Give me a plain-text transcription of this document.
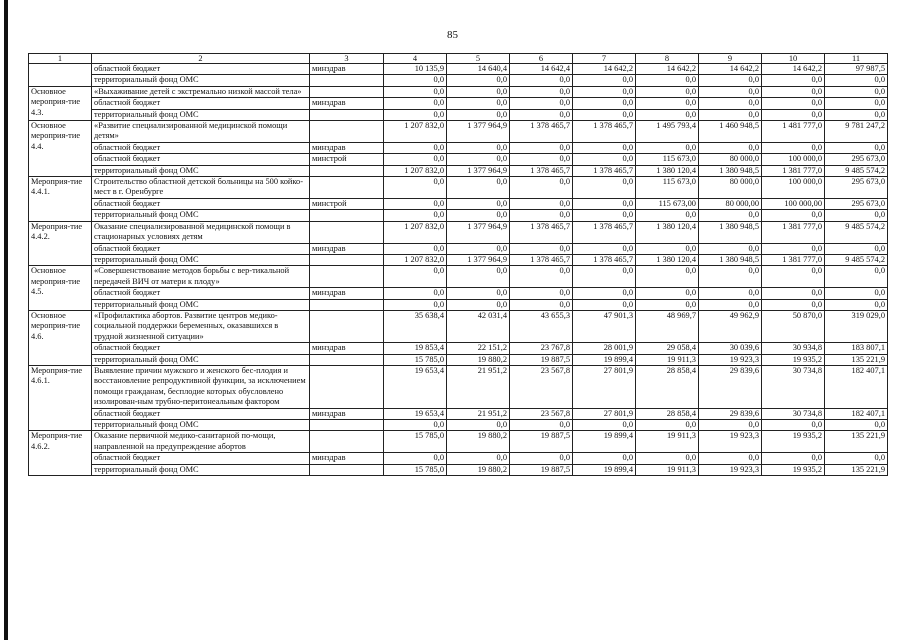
85
1	2	3	4	5	6	7	8	9	10	11
	областной бюджет	минздрав	10 135,9	14 640,4	14 642,4	14 642,2	14 642,2	14 642,2	14 642,2	97 987,5
	территориальный фонд ОМС		0,0	0,0	0,0	0,0	0,0	0,0	0,0	0,0
Основное мероприя-тие 4.3.	«Выхаживание детей с экстремально низкой массой тела»		0,0	0,0	0,0	0,0	0,0	0,0	0,0	0,0
	областной бюджет	минздрав	0,0	0,0	0,0	0,0	0,0	0,0	0,0	0,0
	территориальный фонд ОМС		0,0	0,0	0,0	0,0	0,0	0,0	0,0	0,0
Основное мероприя-тие 4.4.	«Развитие специализированной медицинской помощи детям»		1 207 832,0	1 377 964,9	1 378 465,7	1 378 465,7	1 495 793,4	1 460 948,5	1 481 777,0	9 781 247,2
	областной бюджет	минздрав	0,0	0,0	0,0	0,0	0,0	0,0	0,0	0,0
	областной бюджет	минстрой	0,0	0,0	0,0	0,0	115 673,0	80 000,0	100 000,0	295 673,0
	территориальный фонд ОМС		1 207 832,0	1 377 964,9	1 378 465,7	1 378 465,7	1 380 120,4	1 380 948,5	1 381 777,0	9 485 574,2
Мероприя-тие 4.4.1.	Строительство областной детской больницы на 500 койко-мест в г. Оренбурге		0,0	0,0	0,0	0,0	115 673,0	80 000,0	100 000,0	295 673,0
	областной бюджет	минстрой	0,0	0,0	0,0	0,0	115 673,00	80 000,00	100 000,00	295 673,0
	территориальный фонд ОМС		0,0	0,0	0,0	0,0	0,0	0,0	0,0	0,0
Мероприя-тие 4.4.2.	Оказание специализированной медицинской помощи в стационарных условиях детям		1 207 832,0	1 377 964,9	1 378 465,7	1 378 465,7	1 380 120,4	1 380 948,5	1 381 777,0	9 485 574,2
	областной бюджет	минздрав	0,0	0,0	0,0	0,0	0,0	0,0	0,0	0,0
	территориальный фонд ОМС		1 207 832,0	1 377 964,9	1 378 465,7	1 378 465,7	1 380 120,4	1 380 948,5	1 381 777,0	9 485 574,2
Основное мероприя-тие 4.5.	«Совершенствование методов борьбы с вер-тикальной передачей ВИЧ от матери к плоду»		0,0	0,0	0,0	0,0	0,0	0,0	0,0	0,0
	областной бюджет	минздрав	0,0	0,0	0,0	0,0	0,0	0,0	0,0	0,0
	территориальный фонд ОМС		0,0	0,0	0,0	0,0	0,0	0,0	0,0	0,0
Основное мероприя-тие 4.6.	«Профилактика абортов. Развитие центров медико-социальной поддержки беременных, оказавшихся в трудной жизненной ситуации»		35 638,4	42 031,4	43 655,3	47 901,3	48 969,7	49 962,9	50 870,0	319 029,0
	областной бюджет	минздрав	19 853,4	22 151,2	23 767,8	28 001,9	29 058,4	30 039,6	30 934,8	183 807,1
	территориальный фонд ОМС		15 785,0	19 880,2	19 887,5	19 899,4	19 911,3	19 923,3	19 935,2	135 221,9
Мероприя-тие 4.6.1.	Выявление причин мужского и женского бес-плодия и восстановление репродуктивной функции, за исключением помощи гражданам, бесплодие которых обусловлено изолирован-ным трубно-перитонеальным фактором		19 653,4	21 951,2	23 567,8	27 801,9	28 858,4	29 839,6	30 734,8	182 407,1
	областной бюджет	минздрав	19 653,4	21 951,2	23 567,8	27 801,9	28 858,4	29 839,6	30 734,8	182 407,1
	территориальный фонд ОМС		0,0	0,0	0,0	0,0	0,0	0,0	0,0	0,0
Мероприя-тие 4.6.2.	Оказание первичной медико-санитарной по-мощи, направленной на предупреждение абортов		15 785,0	19 880,2	19 887,5	19 899,4	19 911,3	19 923,3	19 935,2	135 221,9
	областной бюджет	минздрав	0,0	0,0	0,0	0,0	0,0	0,0	0,0	0,0
	территориальный фонд ОМС		15 785,0	19 880,2	19 887,5	19 899,4	19 911,3	19 923,3	19 935,2	135 221,9
